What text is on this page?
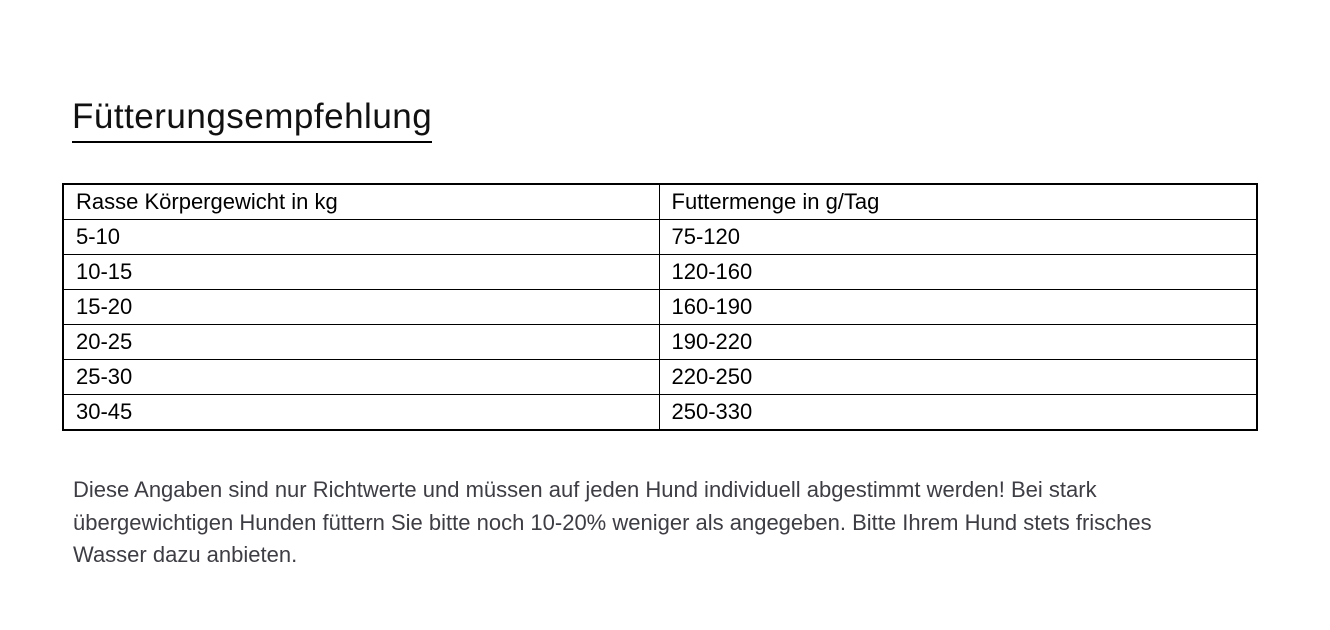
Fütterungsempfehlung
Rasse Körpergewicht in kg	Futtermenge in g/Tag
5-10	75-120
10-15	120-160
15-20	160-190
20-25	190-220
25-30	220-250
30-45	250-330
Diese Angaben sind nur Richtwerte und müssen auf jeden Hund individuell abgestimmt werden! Bei stark
übergewichtigen Hunden füttern Sie bitte noch 10-20% weniger als angegeben. Bitte Ihrem Hund stets frisches
Wasser dazu anbieten.
